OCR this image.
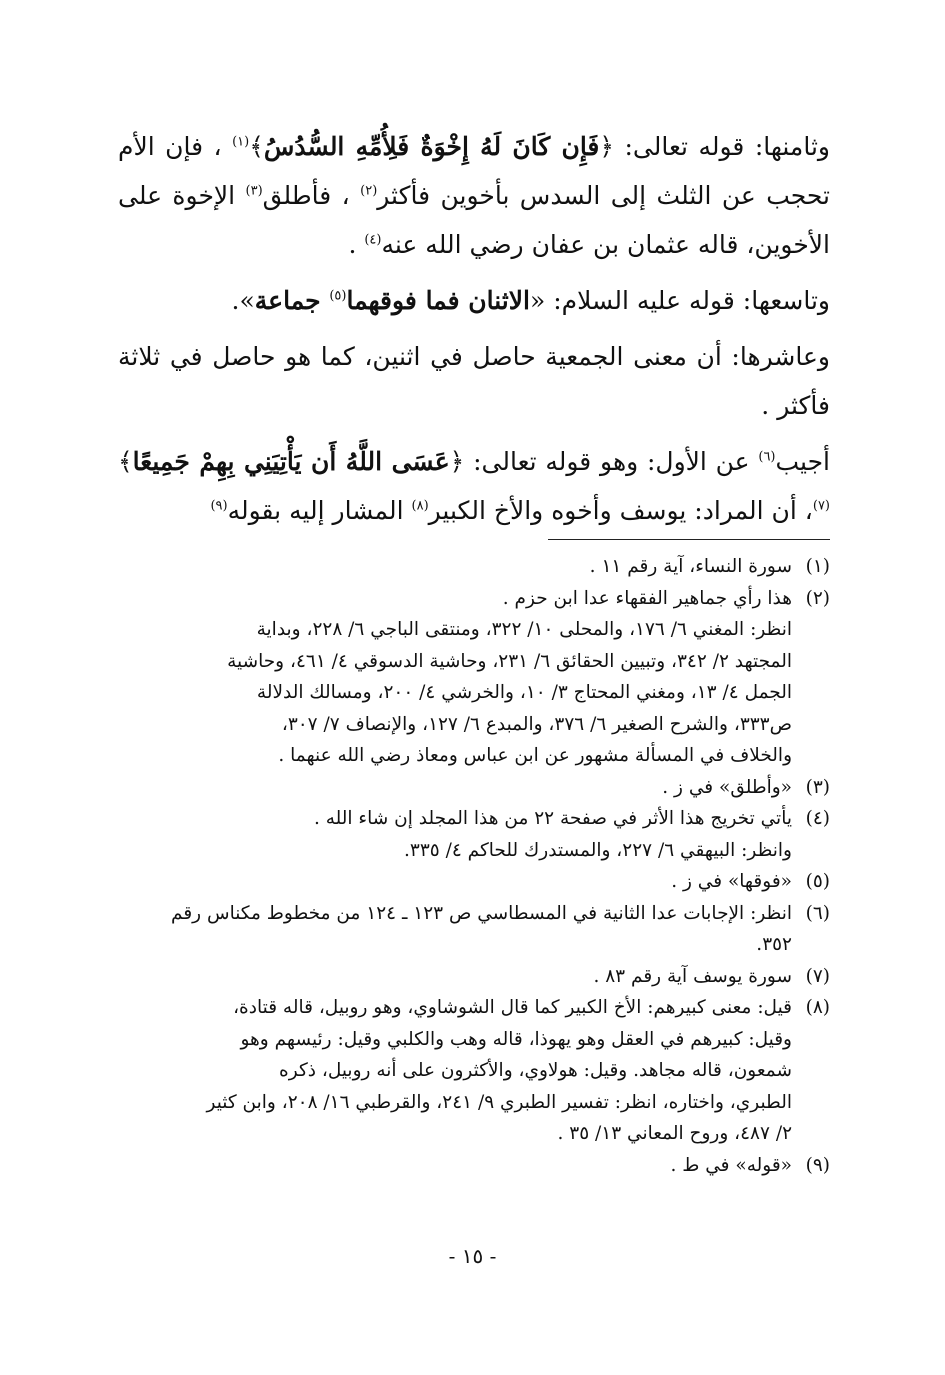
وثامنها: قوله تعالى: ﴿فَإِن كَانَ لَهُ إِخْوَةٌ فَلِأُمِّهِ السُّدُسُ﴾$^{(١)}$ ، فإن الأم تحجب عن الثلث إلى السدس بأخوين فأكثر$^{(٢)}$ ، فأطلق$^{(٣)}$ الإخوة على الأخوين، قاله عثمان بن عفان رضي الله عنه$^{(٤)}$ .

وتاسعها: قوله عليه السلام: «الاثنان فما فوقهما$^{(٥)}$ جماعة».

وعاشرها: أن معنى الجمعية حاصل في اثنين، كما هو حاصل في ثلاثة فأكثر .

أجيب$^{(٦)}$ عن الأول: وهو قوله تعالى: ﴿عَسَى اللَّهُ أَن يَأْتِيَنِي بِهِمْ جَمِيعًا﴾$^{(٧)}$، أن المراد: يوسف وأخوه والأخ الكبير$^{(٨)}$ المشار إليه بقوله$^{(٩)}$

(١)
سورة النساء، آية رقم ١١ .
(٢)
هذا رأي جماهير الفقهاء عدا ابن حزم .
انظر: المغني ٦/ ١٧٦، والمحلى ١٠/ ٣٢٢، ومنتقى الباجي ٦/ ٢٢٨، وبداية
المجتهد ٢/ ٣٤٢، وتبيين الحقائق ٦/ ٢٣١، وحاشية الدسوقي ٤/ ٤٦١، وحاشية
الجمل ٤/ ١٣، ومغني المحتاج ٣/ ١٠، والخرشي ٤/ ٢٠٠، ومسالك الدلالة
ص٣٣٣، والشرح الصغير ٦/ ٣٧٦، والمبدع ٦/ ١٢٧، والإنصاف ٧/ ٣٠٧،
والخلاف في المسألة مشهور عن ابن عباس ومعاذ رضي الله عنهما .
(٣)
«وأطلق» في ز .
(٤)
يأتي تخريج هذا الأثر في صفحة ٢٢ من هذا المجلد إن شاء الله .
وانظر: البيهقي ٦/ ٢٢٧، والمستدرك للحاكم ٤/ ٣٣٥.
(٥)
«فوقها» في ز .
(٦)
انظر: الإجابات عدا الثانية في المسطاسي ص ١٢٣ ـ ١٢٤ من مخطوط مكناس رقم
٣٥٢.
(٧)
سورة يوسف آية رقم ٨٣ .
(٨)
قيل: معنى كبيرهم: الأخ الكبير كما قال الشوشاوي، وهو روبيل، قاله قتادة،
وقيل: كبيرهم في العقل وهو يهوذا، قاله وهب والكلبي وقيل: رئيسهم وهو
شمعون، قاله مجاهد. وقيل: هولاوي، والأكثرون على أنه روبيل، ذكره
الطبري، واختاره، انظر: تفسير الطبري ٩/ ٢٤١، والقرطبي ١٦/ ٢٠٨، وابن كثير
٢/ ٤٨٧، وروح المعاني ١٣/ ٣٥ .
(٩)
«قوله» في ط .
- ١٥ -
